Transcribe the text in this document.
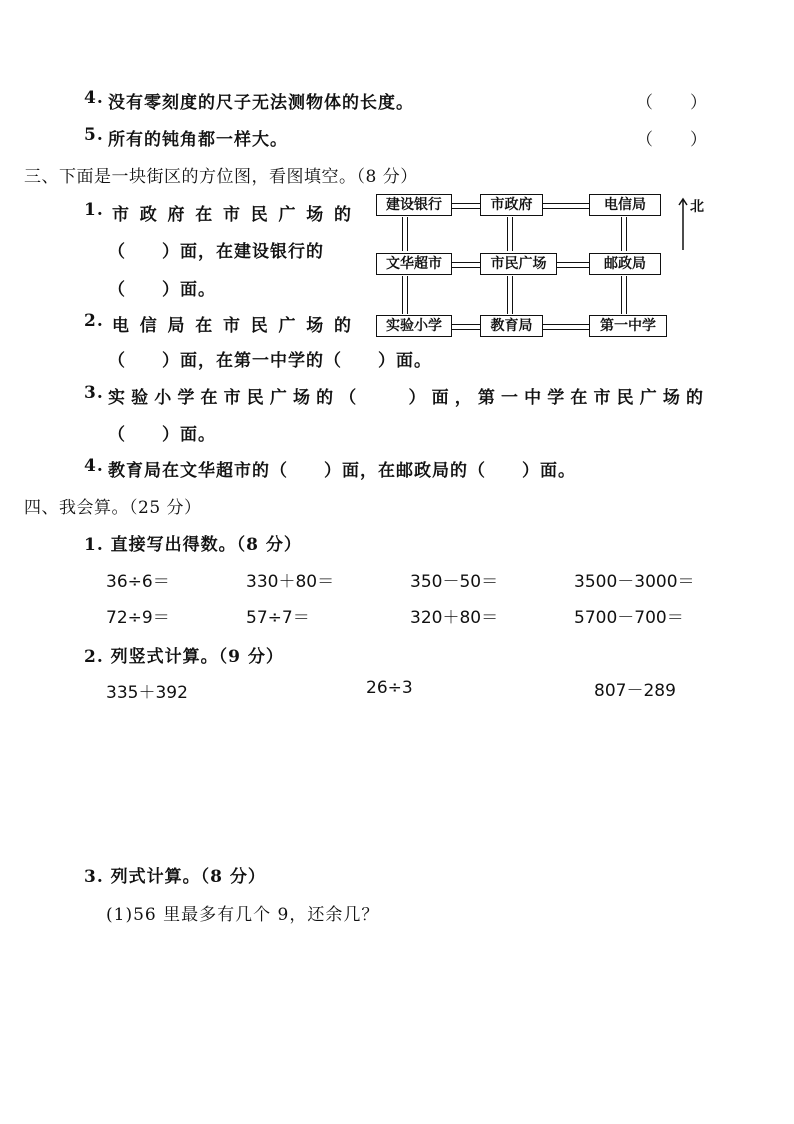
4. 没有零刻度的尺子无法测物体的长度。	（　　）
5. 所有的钝角都一样大。	（　　）
三、下面是一块街区的方位图，看图填空。（8 分）
1. 市政府在市民广场的
（　　）面，在建设银行的
（　　）面。
2. 电信局在市民广场的
（　　）面，在第一中学的（　　）面。
3. 实验小学在市民广场的（　　）面，第一中学在市民广场的
（　　）面。
4. 教育局在文华超市的（　　）面，在邮政局的（　　）面。
建设银行	市政府	电信局
文华超市	市民广场	邮政局
实验小学	教育局	第一中学
北
四、我会算。（25 分）
1. 直接写出得数。（8 分）
36÷6＝	330＋80＝	350－50＝	3500－3000＝
72÷9＝	57÷7＝	320＋80＝	5700－700＝
2. 列竖式计算。（9 分）
335＋392	26÷3	807－289
3. 列式计算。（8 分）
(1)56 里最多有几个 9，还余几？
